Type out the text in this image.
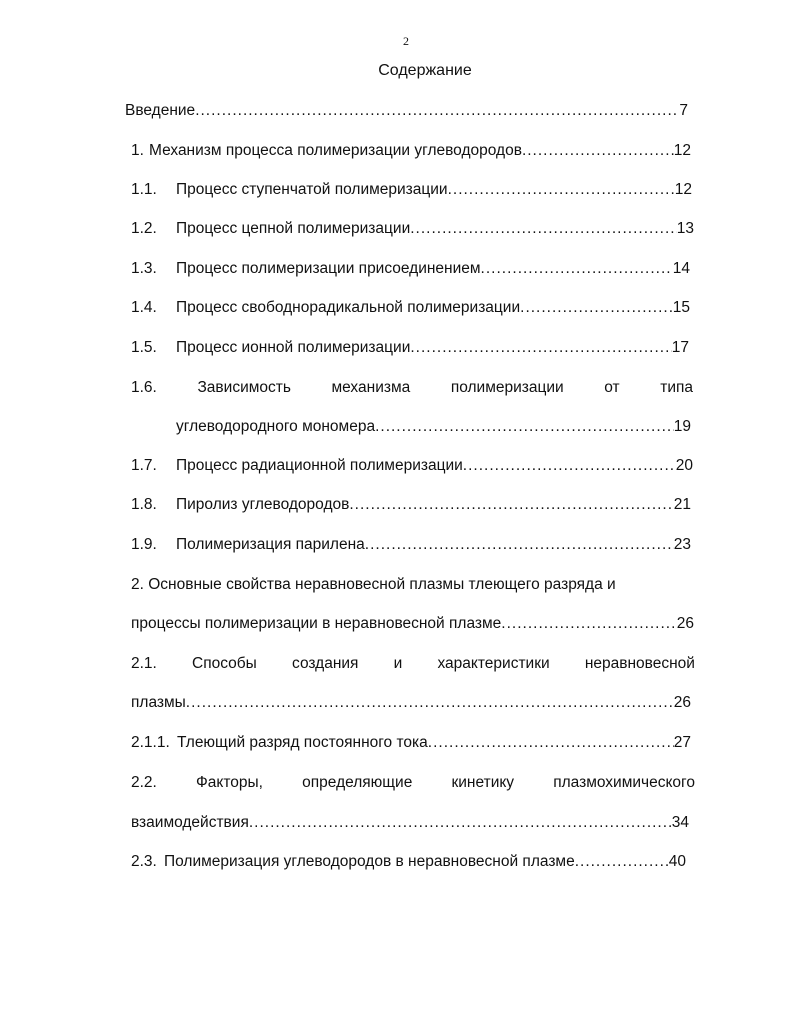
2
Содержание
Введение .....	7
1. Механизм процесса полимеризации углеводородов .....	12
1.1.	Процесс ступенчатой полимеризации .....	12
1.2.	Процесс цепной полимеризации .....	13
1.3.	Процесс полимеризации присоединением .....	14
1.4.	Процесс свободнорадикальной полимеризации .....	15
1.5.	Процесс ионной полимеризации .....	17
1.6.	Зависимость	механизма	полимеризации	от	типа
углеводородного мономера .....	19
1.7.	Процесс радиационной полимеризации .....	20
1.8.	Пиролиз углеводородов .....	21
1.9.	Полимеризация парилена .....	23
2. Основные свойства неравновесной плазмы тлеющего разряда и
процессы полимеризации в неравновесной плазме .....	26
2.1. Способы создания и характеристики неравновесной
плазмы .....	26
2.1.1. Тлеющий разряд постоянного тока .....	27
2.2.	Факторы,	определяющие	кинетику	плазмохимического
взаимодействия .....	34
2.3. Полимеризация углеводородов в неравновесной плазме .....	40
